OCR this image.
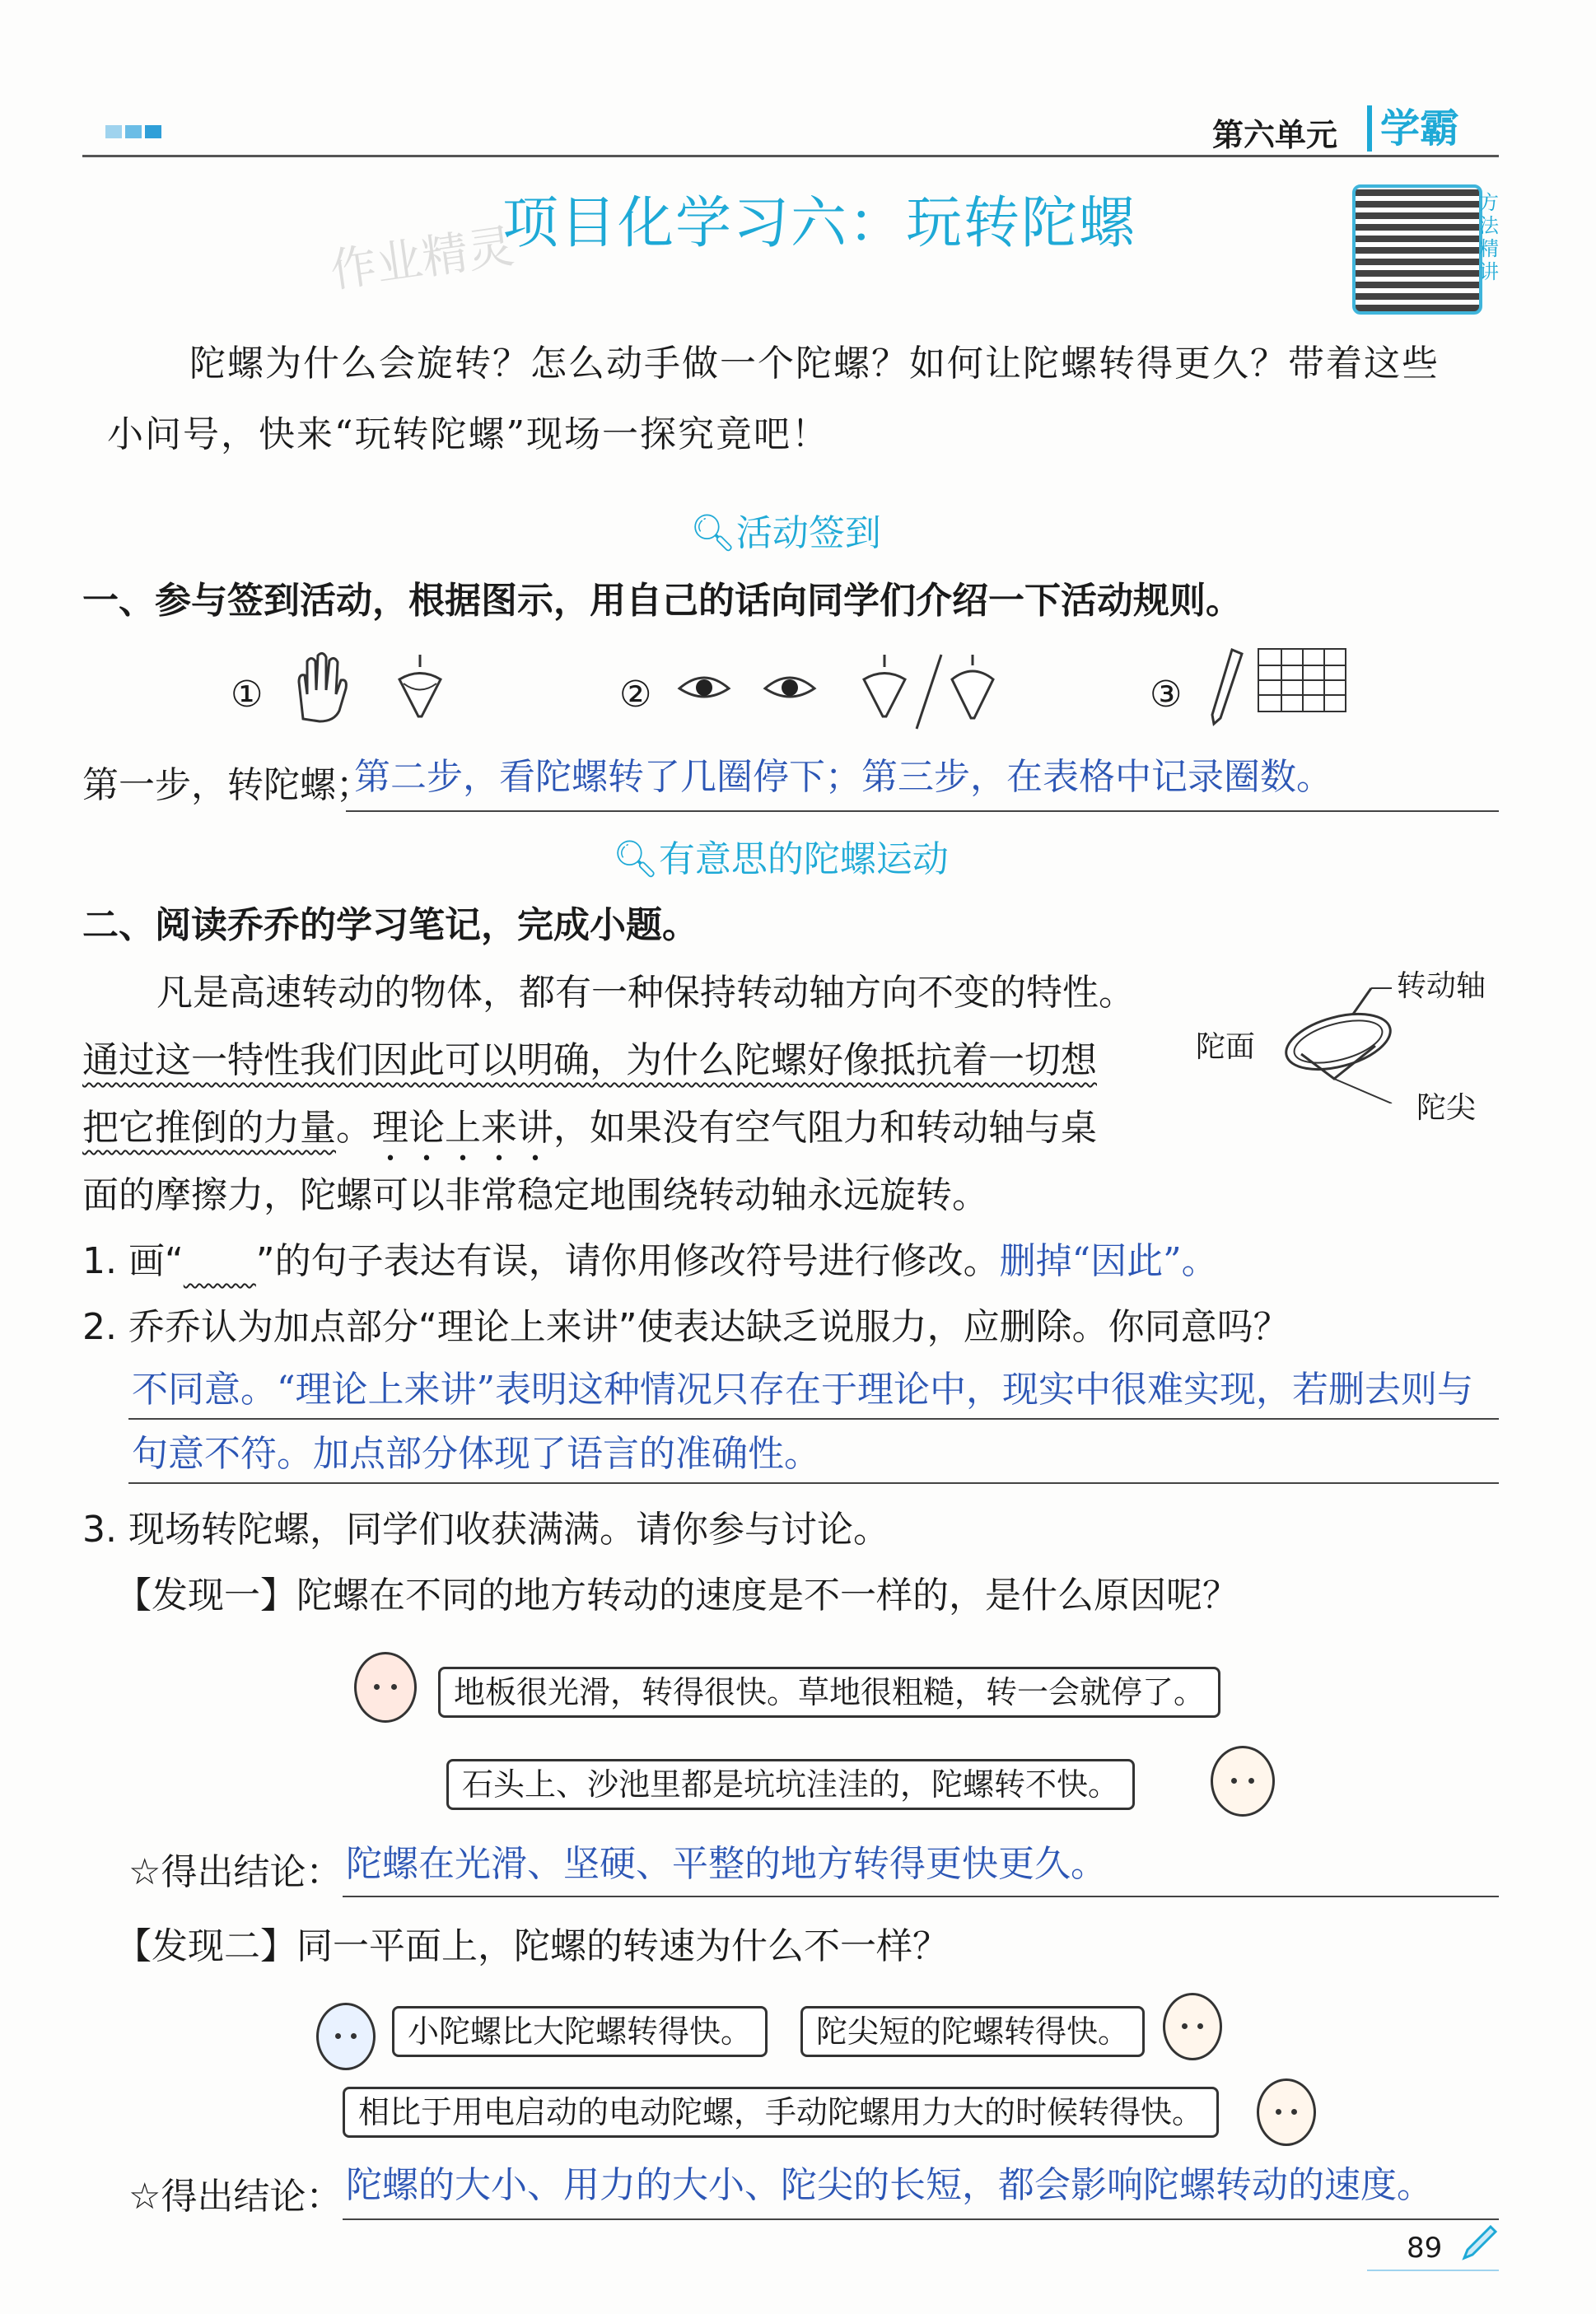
第六单元	学霸
项目化学习六：玩转陀螺
作业精灵
方法精讲
陀螺为什么会旋转？怎么动手做一个陀螺？如何让陀螺转得更久？带着这些
小问号，快来“玩转陀螺”现场一探究竟吧！
🔍︎活动签到
一、参与签到活动，根据图示，用自己的话向同学们介绍一下活动规则。
①	②	③
第一步，转陀螺；
第二步，看陀螺转了几圈停下；第三步，在表格中记录圈数。
🔍︎有意思的陀螺运动
二、阅读乔乔的学习笔记，完成小题。
凡是高速转动的物体，都有一种保持转动轴方向不变的特性。
通过这一特性我们因此可以明确，为什么陀螺好像抵抗着一切想
把它推倒的力量。理论上来讲，如果没有空气阻力和转动轴与桌
面的摩擦力，陀螺可以非常稳定地围绕转动轴永远旋转。
转动轴
陀面
陀尖
1. 画“   ”的句子表达有误，请你用修改符号进行修改。删掉“因此”。
2. 乔乔认为加点部分“理论上来讲”使表达缺乏说服力，应删除。你同意吗？
不同意。“理论上来讲”表明这种情况只存在于理论中，现实中很难实现，若删去则与
句意不符。加点部分体现了语言的准确性。
3. 现场转陀螺，同学们收获满满。请你参与讨论。
【发现一】陀螺在不同的地方转动的速度是不一样的，是什么原因呢？
地板很光滑，转得很快。草地很粗糙，转一会就停了。
石头上、沙池里都是坑坑洼洼的，陀螺转不快。
☆得出结论： 陀螺在光滑、坚硬、平整的地方转得更快更久。
【发现二】同一平面上，陀螺的转速为什么不一样？
小陀螺比大陀螺转得快。	陀尖短的陀螺转得快。
相比于用电启动的电动陀螺，手动陀螺用力大的时候转得快。
☆得出结论： 陀螺的大小、用力的大小、陀尖的长短，都会影响陀螺转动的速度。
89
